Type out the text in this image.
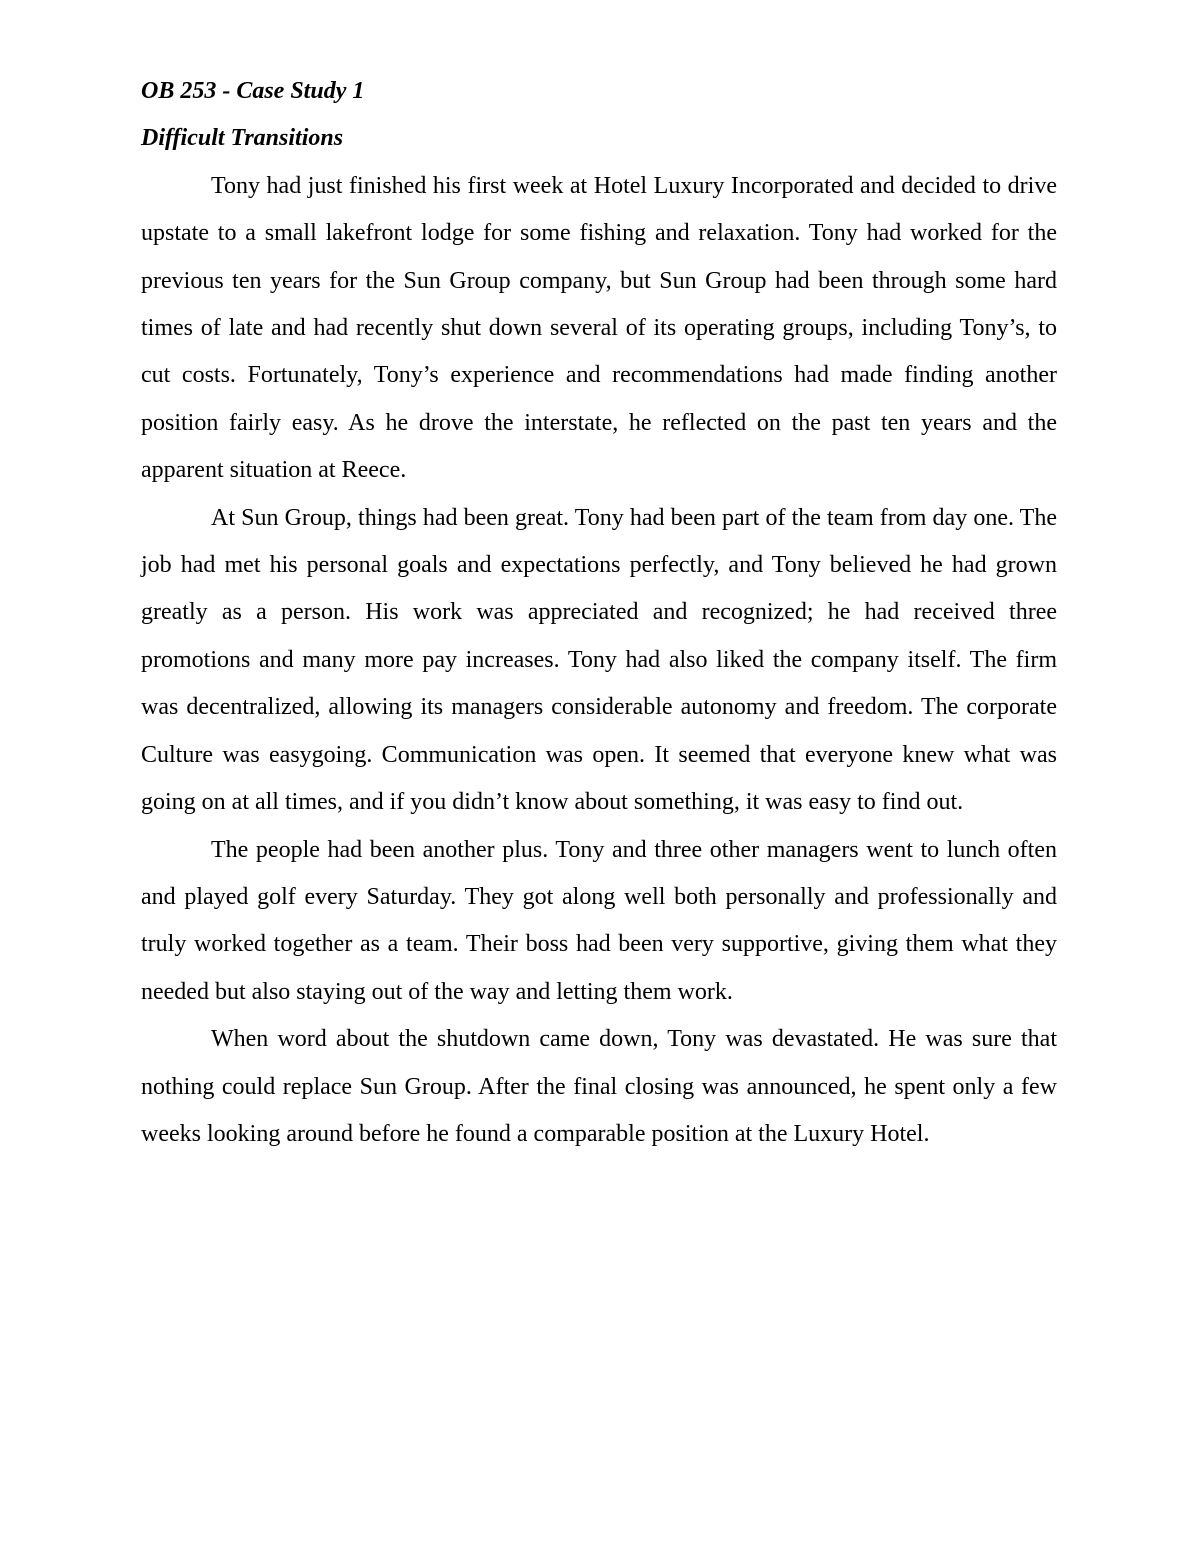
OB 253 - Case Study 1

Difficult Transitions

Tony had just finished his first week at Hotel Luxury Incorporated and decided to drive upstate to a small lakefront lodge for some fishing and relaxation. Tony had worked for the previous ten years for the Sun Group company, but Sun Group had been through some hard times of late and had recently shut down several of its operating groups, including Tony’s, to cut costs. Fortunately, Tony’s experience and recommendations had made finding another position fairly easy. As he drove the interstate, he reflected on the past ten years and the apparent situation at Reece.

At Sun Group, things had been great. Tony had been part of the team from day one. The job had met his personal goals and expectations perfectly, and Tony believed he had grown greatly as a person. His work was appreciated and recognized; he had received three promotions and many more pay increases. Tony had also liked the company itself. The firm was decentralized, allowing its managers considerable autonomy and freedom. The corporate Culture was easygoing. Communication was open. It seemed that everyone knew what was going on at all times, and if you didn’t know about something, it was easy to find out.

The people had been another plus. Tony and three other managers went to lunch often and played golf every Saturday. They got along well both personally and professionally and truly worked together as a team. Their boss had been very supportive, giving them what they needed but also staying out of the way and letting them work.

When word about the shutdown came down, Tony was devastated. He was sure that nothing could replace Sun Group. After the final closing was announced, he spent only a few weeks looking around before he found a comparable position at the Luxury Hotel.
